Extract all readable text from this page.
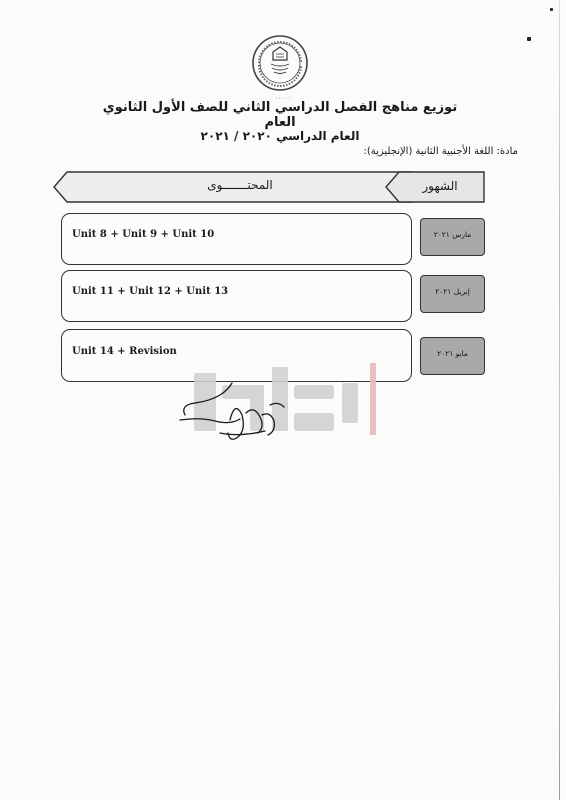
• • • • •
توزيع مناهج الفصل الدراسي الثاني للصف الأول الثانوي العام
العام الدراسي ٢٠٢٠ / ٢٠٢١
مادة: اللغة الأجنبية الثانية (الإنجليزية):
المحتـــــــوى	الشهور
Unit 8 + Unit 9 + Unit 10	مارس ٢٠٢١
Unit 11 + Unit 12 + Unit 13	إبريل ٢٠٢١
Unit 14 + Revision	مايو ٢٠٢١
